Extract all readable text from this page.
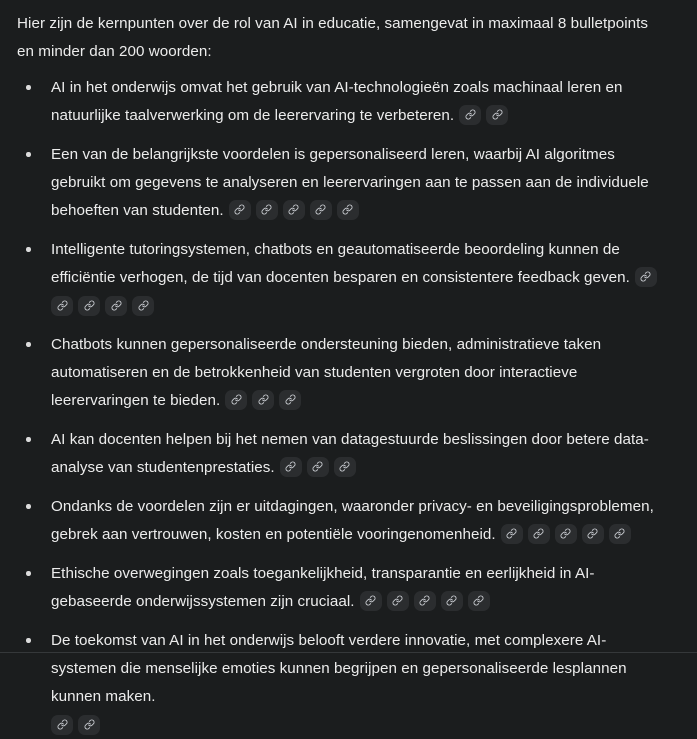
Hier zijn de kernpunten over de rol van AI in educatie, samengevat in maximaal 8 bulletpoints en minder dan 200 woorden:

AI in het onderwijs omvat het gebruik van AI-technologieën zoals machinaal leren en natuurlijke taalverwerking om de leerervaring te verbeteren.
Een van de belangrijkste voordelen is gepersonaliseerd leren, waarbij AI algoritmes gebruikt om gegevens te analyseren en leerervaringen aan te passen aan de individuele behoeften van studenten.
Intelligente tutoringsystemen, chatbots en geautomatiseerde beoordeling kunnen de efficiëntie verhogen, de tijd van docenten besparen en consistentere feedback geven.
Chatbots kunnen gepersonaliseerde ondersteuning bieden, administratieve taken automatiseren en de betrokkenheid van studenten vergroten door interactieve leerervaringen te bieden.
AI kan docenten helpen bij het nemen van datagestuurde beslissingen door betere data-analyse van studentenprestaties.
Ondanks de voordelen zijn er uitdagingen, waaronder privacy- en beveiligingsproblemen, gebrek aan vertrouwen, kosten en potentiële vooringenomenheid.
Ethische overwegingen zoals toegankelijkheid, transparantie en eerlijkheid in AI-gebaseerde onderwijssystemen zijn cruciaal.
De toekomst van AI in het onderwijs belooft verdere innovatie, met complexere AI-systemen die menselijke emoties kunnen begrijpen en gepersonaliseerde lesplannen kunnen maken.
